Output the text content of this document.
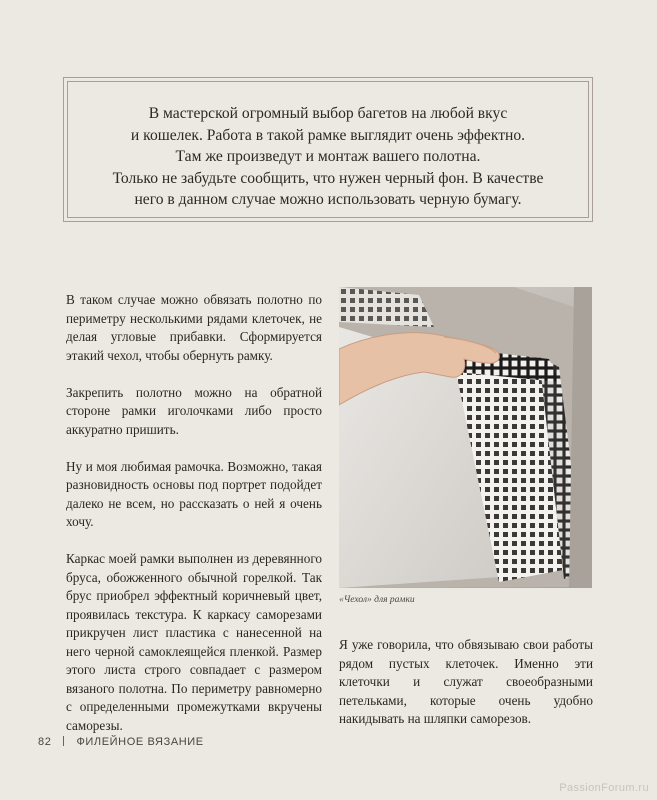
В мастерской огромный выбор багетов на любой вкус
и кошелек. Работа в такой рамке выглядит очень эффектно.
Там же произведут и монтаж вашего полотна.
Только не забудьте сообщить, что нужен черный фон. В качестве
него в данном случае можно использовать черную бумагу.

В таком случае можно обвязать полотно по периметру несколькими рядами клеточек, не делая угловые прибавки. Сформируется этакий чехол, чтобы обернуть рамку.

Закрепить полотно можно на обратной стороне рамки иголочками либо просто аккуратно пришить.

Ну и моя любимая рамочка. Возможно, такая разновидность основы под портрет подойдет далеко не всем, но рассказать о ней я очень хочу.

Каркас моей рамки выполнен из деревянного бруса, обожженного обычной горелкой. Так брус приобрел эффектный коричневый цвет, проявилась текстура. К каркасу саморезами прикручен лист пластика с нанесенной на него черной самоклеящейся пленкой. Размер этого листа строго совпадает с размером вязаного полотна. По периметру равномерно с определенными промежутками вкручены саморезы.

«Чехол» для рамки
Я уже говорила, что обвязываю свои работы рядом пустых клеточек. Именно эти клеточки и служат своеобразными петельками, которые очень удобно накидывать на шляпки саморезов.
82 ФИЛЕЙНОЕ ВЯЗАНИЕ
PassionForum.ru
